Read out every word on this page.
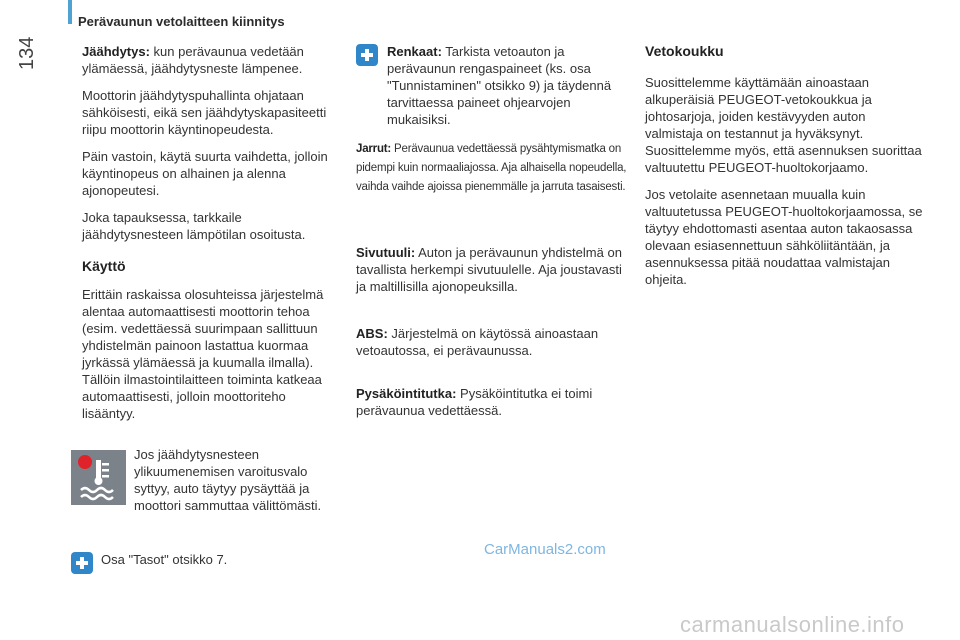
Perävaunun vetolaitteen kiinnitys
134	Jäähdytys: kun perävaunua vedetään ylämäessä, jäähdytysneste lämpenee.

Moottorin jäähdytyspuhallinta ohjataan sähköisesti, eikä sen jäähdytyskapasiteetti riipu moottorin käyntinopeudesta.

Päin vastoin, käytä suurta vaihdetta, jolloin käyntinopeus on alhainen ja alenna ajonopeutesi.

Joka tapauksessa, tarkkaile jäähdytysnesteen lämpötilan osoitusta.

Käyttö

Erittäin raskaissa olosuhteissa järjestelmä alentaa automaattisesti moottorin tehoa (esim. vedettäessä suurimpaan sallittuun yhdistelmän painoon lastattua kuormaa jyrkässä ylämäessä ja kuumalla ilmalla). Tällöin ilmastointilaitteen toiminta katkeaa automaattisesti, jolloin moottoriteho lisääntyy.

Jos jäähdytysnesteen ylikuumenemisen varoitusvalo syttyy, auto täytyy pysäyttää ja moottori sammuttaa välittömästi.

Osa "Tasot" otsikko 7.

Renkaat: Tarkista vetoauton ja perävaunun rengaspaineet (ks. osa "Tunnistaminen" otsikko 9) ja täydennä tarvittaessa paineet ohjearvojen mukaisiksi.
Jarrut: Perävaunua vedettäessä pysähtymismatka on pidempi kuin normaaliajossa. Aja alhaisella nopeudella, vaihda vaihde ajoissa pienemmälle ja jarruta tasaisesti.
Sivutuuli: Auton ja perävaunun yhdistelmä on tavallista herkempi sivutuulelle. Aja joustavasti ja maltillisilla ajonopeuksilla.
ABS: Järjestelmä on käytössä ainoastaan vetoautossa, ei perävaunussa.
Pysäköintitutka: Pysäköintitutka ei toimi perävaunua vedettäessä.
Vetokoukku

Suosittelemme käyttämään ainoastaan alkuperäisiä PEUGEOT-vetokoukkua ja johtosarjoja, joiden kestävyyden auton valmistaja on testannut ja hyväksynyt. Suosittelemme myös, että asennuksen suorittaa valtuutettu PEUGEOT-huoltokorjaamo.

Jos vetolaite asennetaan muualla kuin valtuutetussa PEUGEOT-huoltokorjaamossa, se täytyy ehdottomasti asentaa auton takaosassa olevaan esiasennettuun sähköliitäntään, ja asennuksessa pitää noudattaa valmistajan ohjeita.

CarManuals2.com
carmanualsonline.info
